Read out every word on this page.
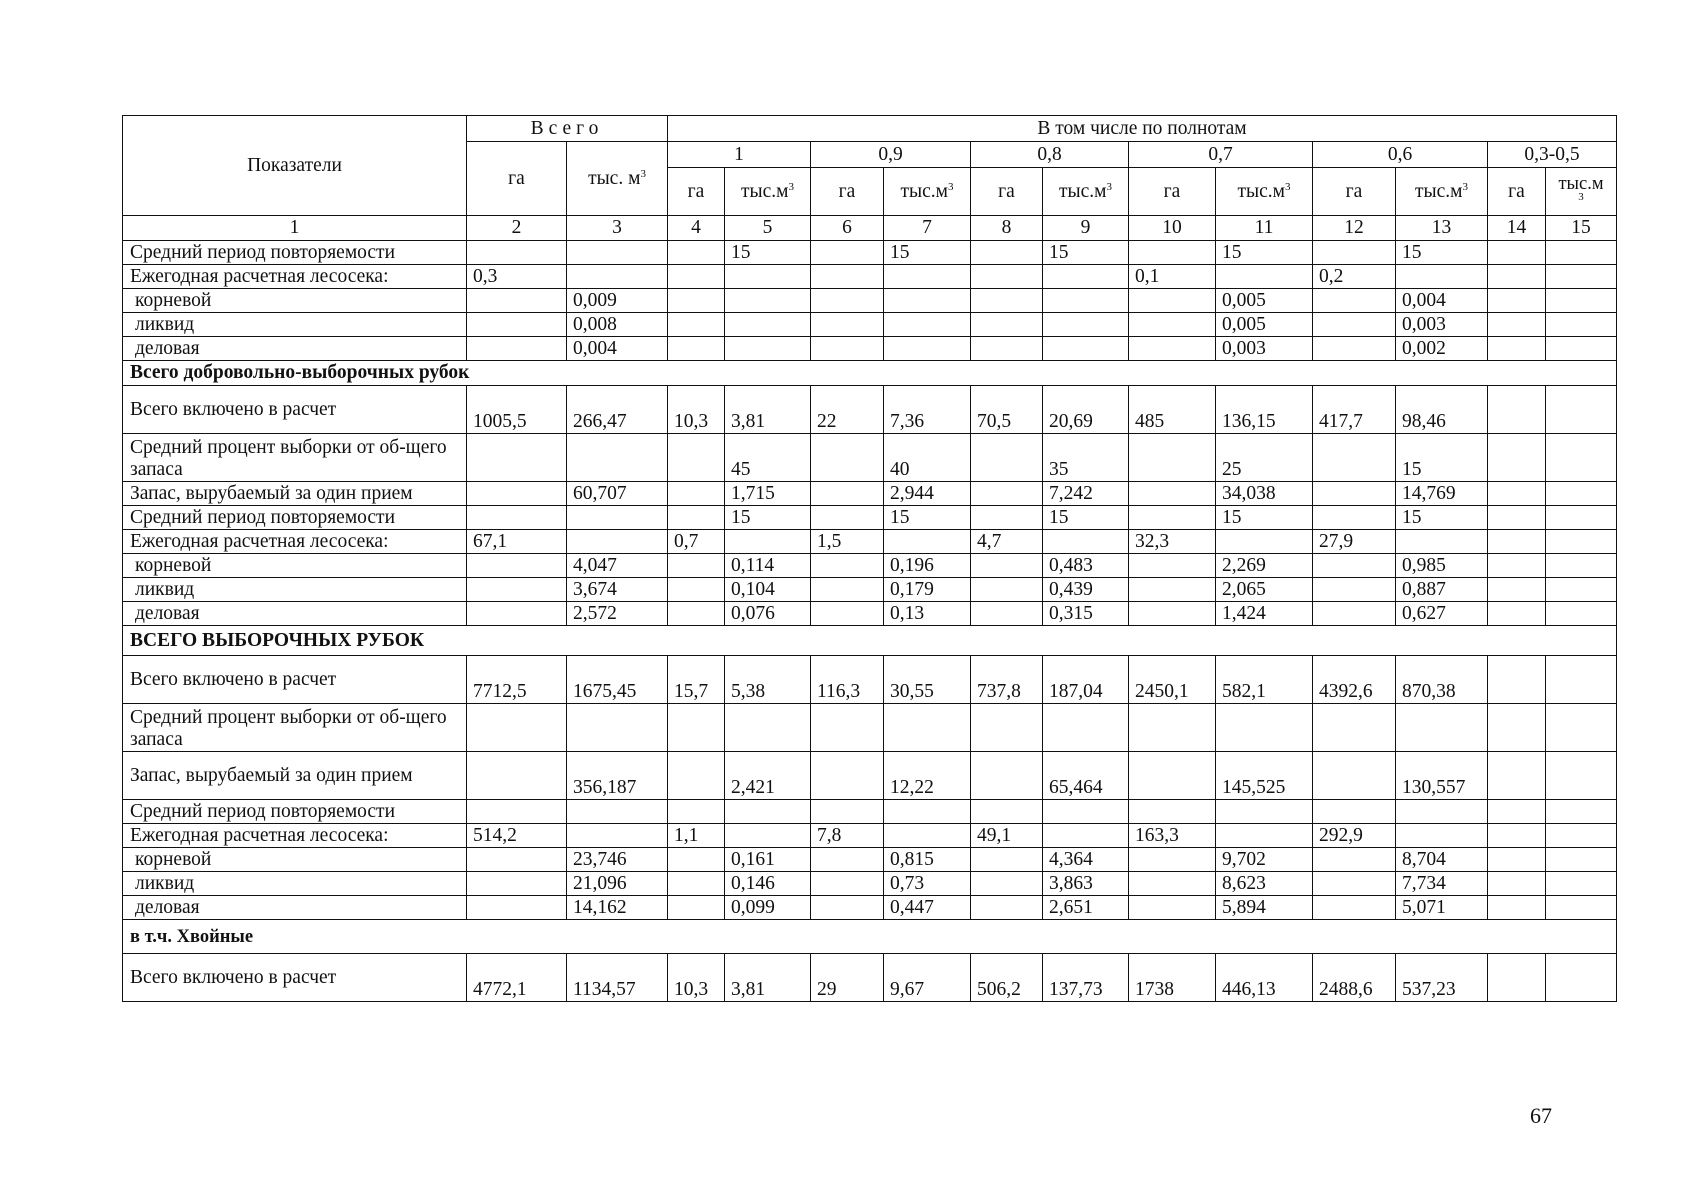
Показатели	Всего		В том числе по полнотам											
	га	тыс. $м^3$	1		0,9		0,8		0,7		0,6		0,3-0,5	
			га	$тыс.м^3$	га	$тыс.м^3$	га	$тыс.м^3$	га	$тыс.м^3$	га	$тыс.м^3$	га	тыс.м
3

1	2	3	4	5	6	7	8	9	10	11	12	13	14	15
Средний период повторяемости				15		15		15		15		15		
Ежегодная расчетная лесосека:	0,3								0,1		0,2			
корневой		0,009								0,005		0,004		
ликвид		0,008								0,005		0,003		
деловая		0,004								0,003		0,002		
Всего добровольно-выборочных рубок														
Всего включено в расчет	1005,5	266,47	10,3	3,81	22	7,36	70,5	20,69	485	136,15	417,7	98,46		
Средний процент выборки от об-щего запаса				45		40		35		25		15		
Запас, вырубаемый за один прием		60,707		1,715		2,944		7,242		34,038		14,769		
Средний период повторяемости				15		15		15		15		15		
Ежегодная расчетная лесосека:	67,1		0,7		1,5		4,7		32,3		27,9			
корневой		4,047		0,114		0,196		0,483		2,269		0,985		
ликвид		3,674		0,104		0,179		0,439		2,065		0,887		
деловая		2,572		0,076		0,13		0,315		1,424		0,627		
ВСЕГО ВЫБОРОЧНЫХ РУБОК														
Всего включено в расчет	7712,5	1675,45	15,7	5,38	116,3	30,55	737,8	187,04	2450,1	582,1	4392,6	870,38		
Средний процент выборки от об-щего запаса														
Запас, вырубаемый за один прием		356,187		2,421		12,22		65,464		145,525		130,557		
Средний период повторяемости														
Ежегодная расчетная лесосека:	514,2		1,1		7,8		49,1		163,3		292,9			
корневой		23,746		0,161		0,815		4,364		9,702		8,704		
ликвид		21,096		0,146		0,73		3,863		8,623		7,734		
деловая		14,162		0,099		0,447		2,651		5,894		5,071		
в т.ч. Хвойные														
Всего включено в расчет	4772,1	1134,57	10,3	3,81	29	9,67	506,2	137,73	1738	446,13	2488,6	537,23		
67
